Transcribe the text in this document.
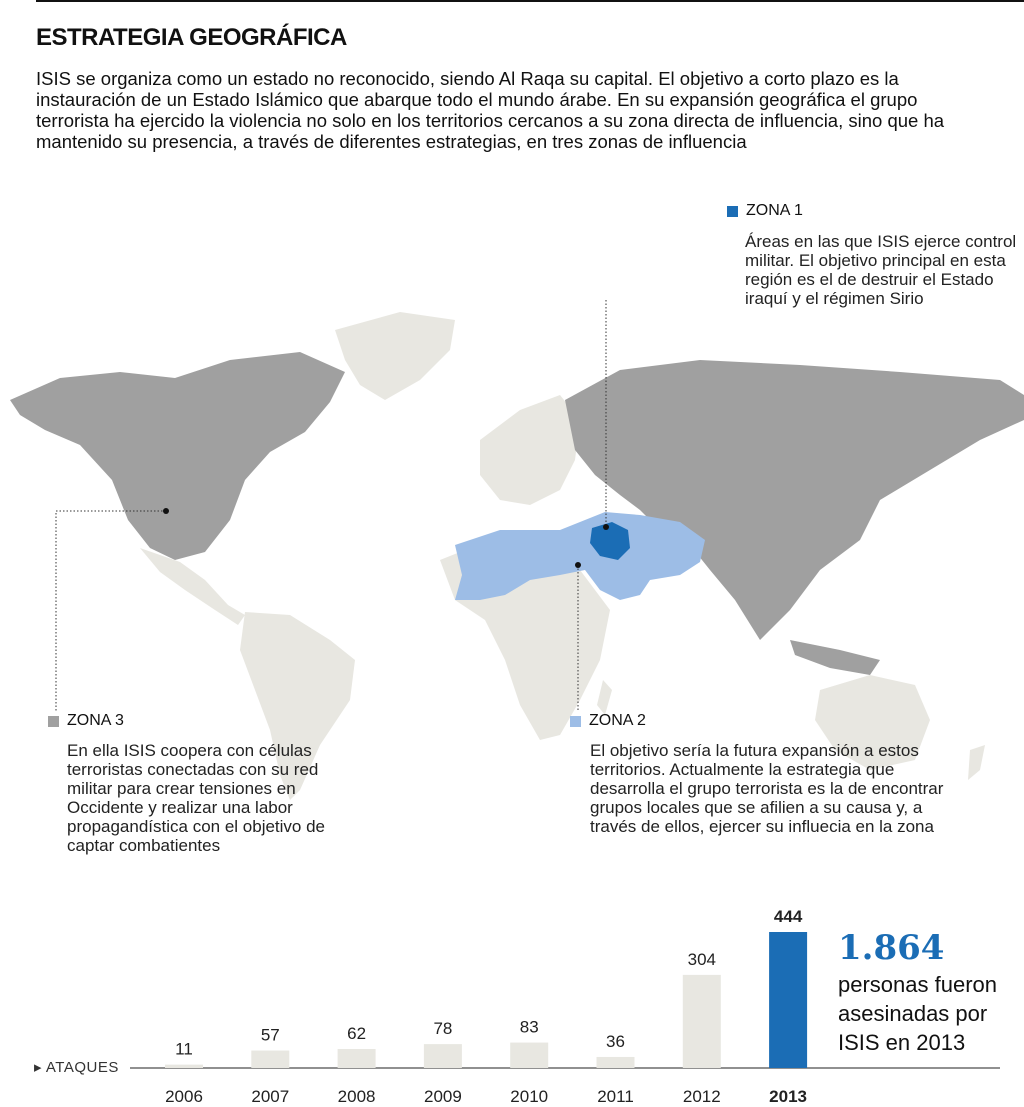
ESTRATEGIA GEOGRÁFICA
ISIS se organiza como un estado no reconocido, siendo Al Raqa su capital. El objetivo a corto plazo es la instauración de un Estado Islámico que abarque todo el mundo árabe. En su expansión geográfica el grupo terrorista ha ejercido la violencia no solo en los territorios cercanos a su zona directa de influencia, sino que ha mantenido su presencia, a través de diferentes estrategias, en tres zonas de influencia
ZONA 1
Áreas en las que ISIS ejerce control militar. El objetivo principal en esta región es el de destruir el Estado iraquí y el régimen Sirio
ZONA 3
En ella ISIS coopera con células terroristas conectadas con su red militar para crear tensiones en Occidente y realizar una labor propagandística con el objetivo de captar combatientes
ZONA 2
El objetivo sería la futura expansión a estos territorios. Actualmente la estrategia que desarrolla el grupo terrorista es la de encontrar grupos locales que se afilien a su causa y, a través de ellos, ejercer su influecia en la zona
11
2006
57
2007
62
2008
78
2009
83
2010
36
2011
304
2012
444
2013
▸ ATAQUES
1.864
personas fueron asesinadas por ISIS en 2013
